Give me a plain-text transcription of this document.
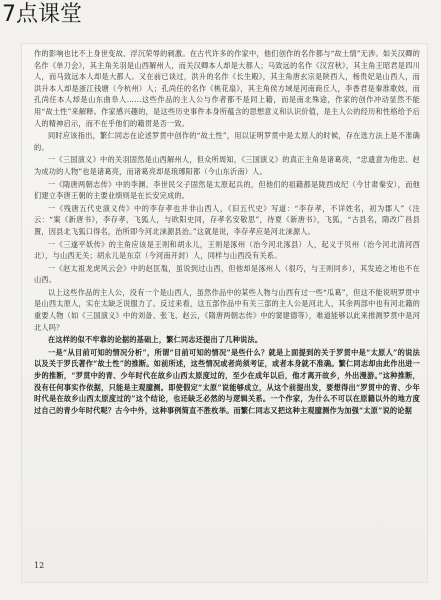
7点课堂

作的影响也比不上身世变故、浮沉荣辱的刺激。在古代许多的作家中，他们创作的名作都与“故土情”无涉。如关汉卿的名作《单刀会》，其主角关羽是山西解州人，而关汉卿本人却是大都人；马致远的名作《汉宫秋》，其主角王昭君是四川人，而马致远本人却是大都人。又在前已谈过，洪升的名作《长生殿》，其主角唐玄宗是陕西人，杨贵妃是山西人，而洪升本人却是浙江钱塘（今杭州）人；孔尚任的名作《桃花扇》，其主角侯方域是河南商丘人，李香君是秦淮歌妓，而孔尚任本人却是山东曲阜人……这些作品的主人公与作者都不是同上籍，而是南北殊途，作家的创作冲动显然不能用“故土性”来解释。作家感兴趣的，是这些历史事件本身所蕴含的思想意义和认识价值，是主人公的经历和性格给予后人的精神启示，而不在乎他们的籍贯是否一致。

同时应该指出，繁仁同志在论述罗贯中创作的“故土性”，用以证明罗贯中是太原人的时候，存在选方法上是不准确的。

一《三国演义》中的关羽固然是山西解州人，但众所周知，《三国演义》的真正主角是诸葛亮，“忠遗意为他忠、赵为成功的人物”也是诸葛亮，而诸葛亮却是琅琊阳都（今山东沂南）人。

一《隋唐两朝志传》中的李渊、李世民父子固然是太原起兵的，但他们的祖籍都是陇西成纪（今甘肃秦安），而他们建立李唐王朝的主要业绩则是在长安完成的。

一《残唐五代史演义传》中的李存孝也并非山西人，《旧五代史》写道：“李存孝，不详姓名，初为郡人”（注云：“案《新唐书》，李存孝，飞狐人，与欧阳史同，存孝名安敬思”，待夏《新唐书》，飞狐，“古县名，隋改广昌县置，因县北飞狐口得名，治所即今河北涞源县治。”这就是说，李存孝应是河北涞源人。

一《三遂平妖传》的主角应该是王则和胡永儿，王则是涿州（治今河北涿县）人，起义于贝州（治今河北清河西北），与山西无关；胡永儿是东京（今河南开封）人，同样与山西没有关系。

一《赵太祖龙虎风云会》中的赵匡胤，虽说到过山西，但他却是涿州人（很巧，与王则同乡），其发迹之地也不在山西。

以上这些作品的主人公，没有一个是山西人，虽然作品中的某些人物与山西有过一些“瓜葛”，但这不能说明罗贯中是山西太原人，实在太缺乏说服力了。反过来看，这五部作品中有关三部的主人公是河北人，其余两部中也有河北籍的重要人物（如《三国演义》中的刘备、张飞、赵云，《隋唐两朝志传》中的窦建德等），难道能够以此来推测罗贯中是河北人吗？

在这样的似不牢靠的论据的基础上，繁仁同志还提出了几种说法。

一是“从目前可知的情况分析”，所谓“目前可知的情况”是些什么？就是上面提到的关于罗贯中是“太原人”的说法以及关于罗氏著作“故土性”的推断。如前所述，这些情况或者尚须考证，或者本身就不准确。繁仁同志却由此作出进一步的推断，“罗贯中的青、少年时代在故乡山西太原度过的，至少在成年以后，他才离开故乡，外出漫游。”这种推断，没有任何事实作依据，只能是主观臆测。即使假定“太原”说能够成立，从这个前提出发，要想得出“罗贯中的青、少年时代是在故乡山西太原度过的”这个结论，也还缺乏必然的与逻辑关系。一个作家，为什么不可以在原籍以外的地方度过自己的青少年时代呢？古今中外，这种事例简直不胜枚举。而繁仁同志又把这种主观臆测作为加强“太原”说的论据

12
